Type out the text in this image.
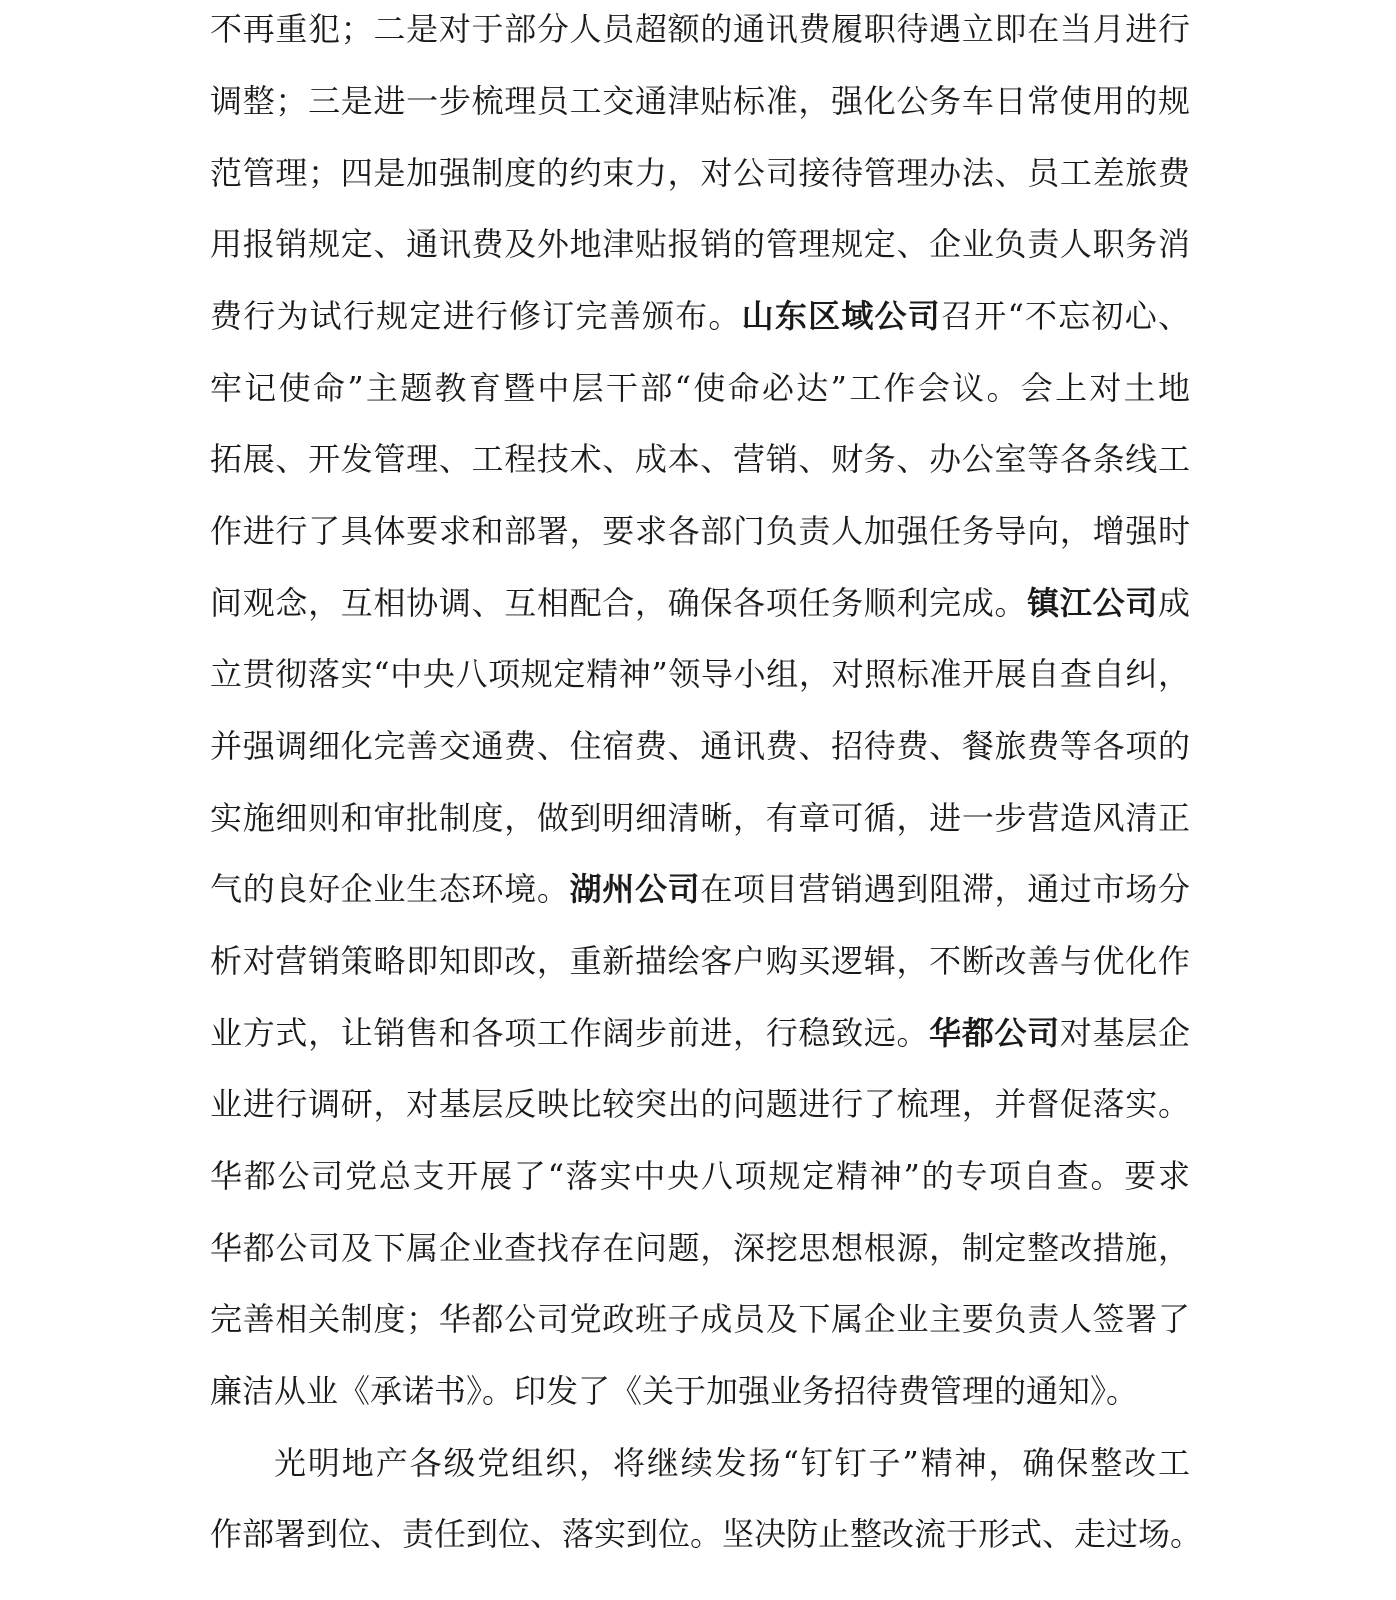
不再重犯；二是对于部分人员超额的通讯费履职待遇立即在当月进行
调整；三是进一步梳理员工交通津贴标准，强化公务车日常使用的规
范管理；四是加强制度的约束力，对公司接待管理办法、员工差旅费
用报销规定、通讯费及外地津贴报销的管理规定、企业负责人职务消
费行为试行规定进行修订完善颁布。山东区域公司召开“不忘初心、
牢记使命”主题教育暨中层干部“使命必达”工作会议。会上对土地
拓展、开发管理、工程技术、成本、营销、财务、办公室等各条线工
作进行了具体要求和部署，要求各部门负责人加强任务导向，增强时
间观念，互相协调、互相配合，确保各项任务顺利完成。镇江公司成
立贯彻落实“中央八项规定精神”领导小组，对照标准开展自查自纠，
并强调细化完善交通费、住宿费、通讯费、招待费、餐旅费等各项的
实施细则和审批制度，做到明细清晰，有章可循，进一步营造风清正
气的良好企业生态环境。湖州公司在项目营销遇到阻滞，通过市场分
析对营销策略即知即改，重新描绘客户购买逻辑，不断改善与优化作
业方式，让销售和各项工作阔步前进，行稳致远。华都公司对基层企
业进行调研，对基层反映比较突出的问题进行了梳理，并督促落实。
华都公司党总支开展了“落实中央八项规定精神”的专项自查。要求
华都公司及下属企业查找存在问题，深挖思想根源，制定整改措施，
完善相关制度；华都公司党政班子成员及下属企业主要负责人签署了
廉洁从业《承诺书》。印发了《关于加强业务招待费管理的通知》。
光明地产各级党组织，将继续发扬“钉钉子”精神，确保整改工
作部署到位、责任到位、落实到位。坚决防止整改流于形式、走过场。
